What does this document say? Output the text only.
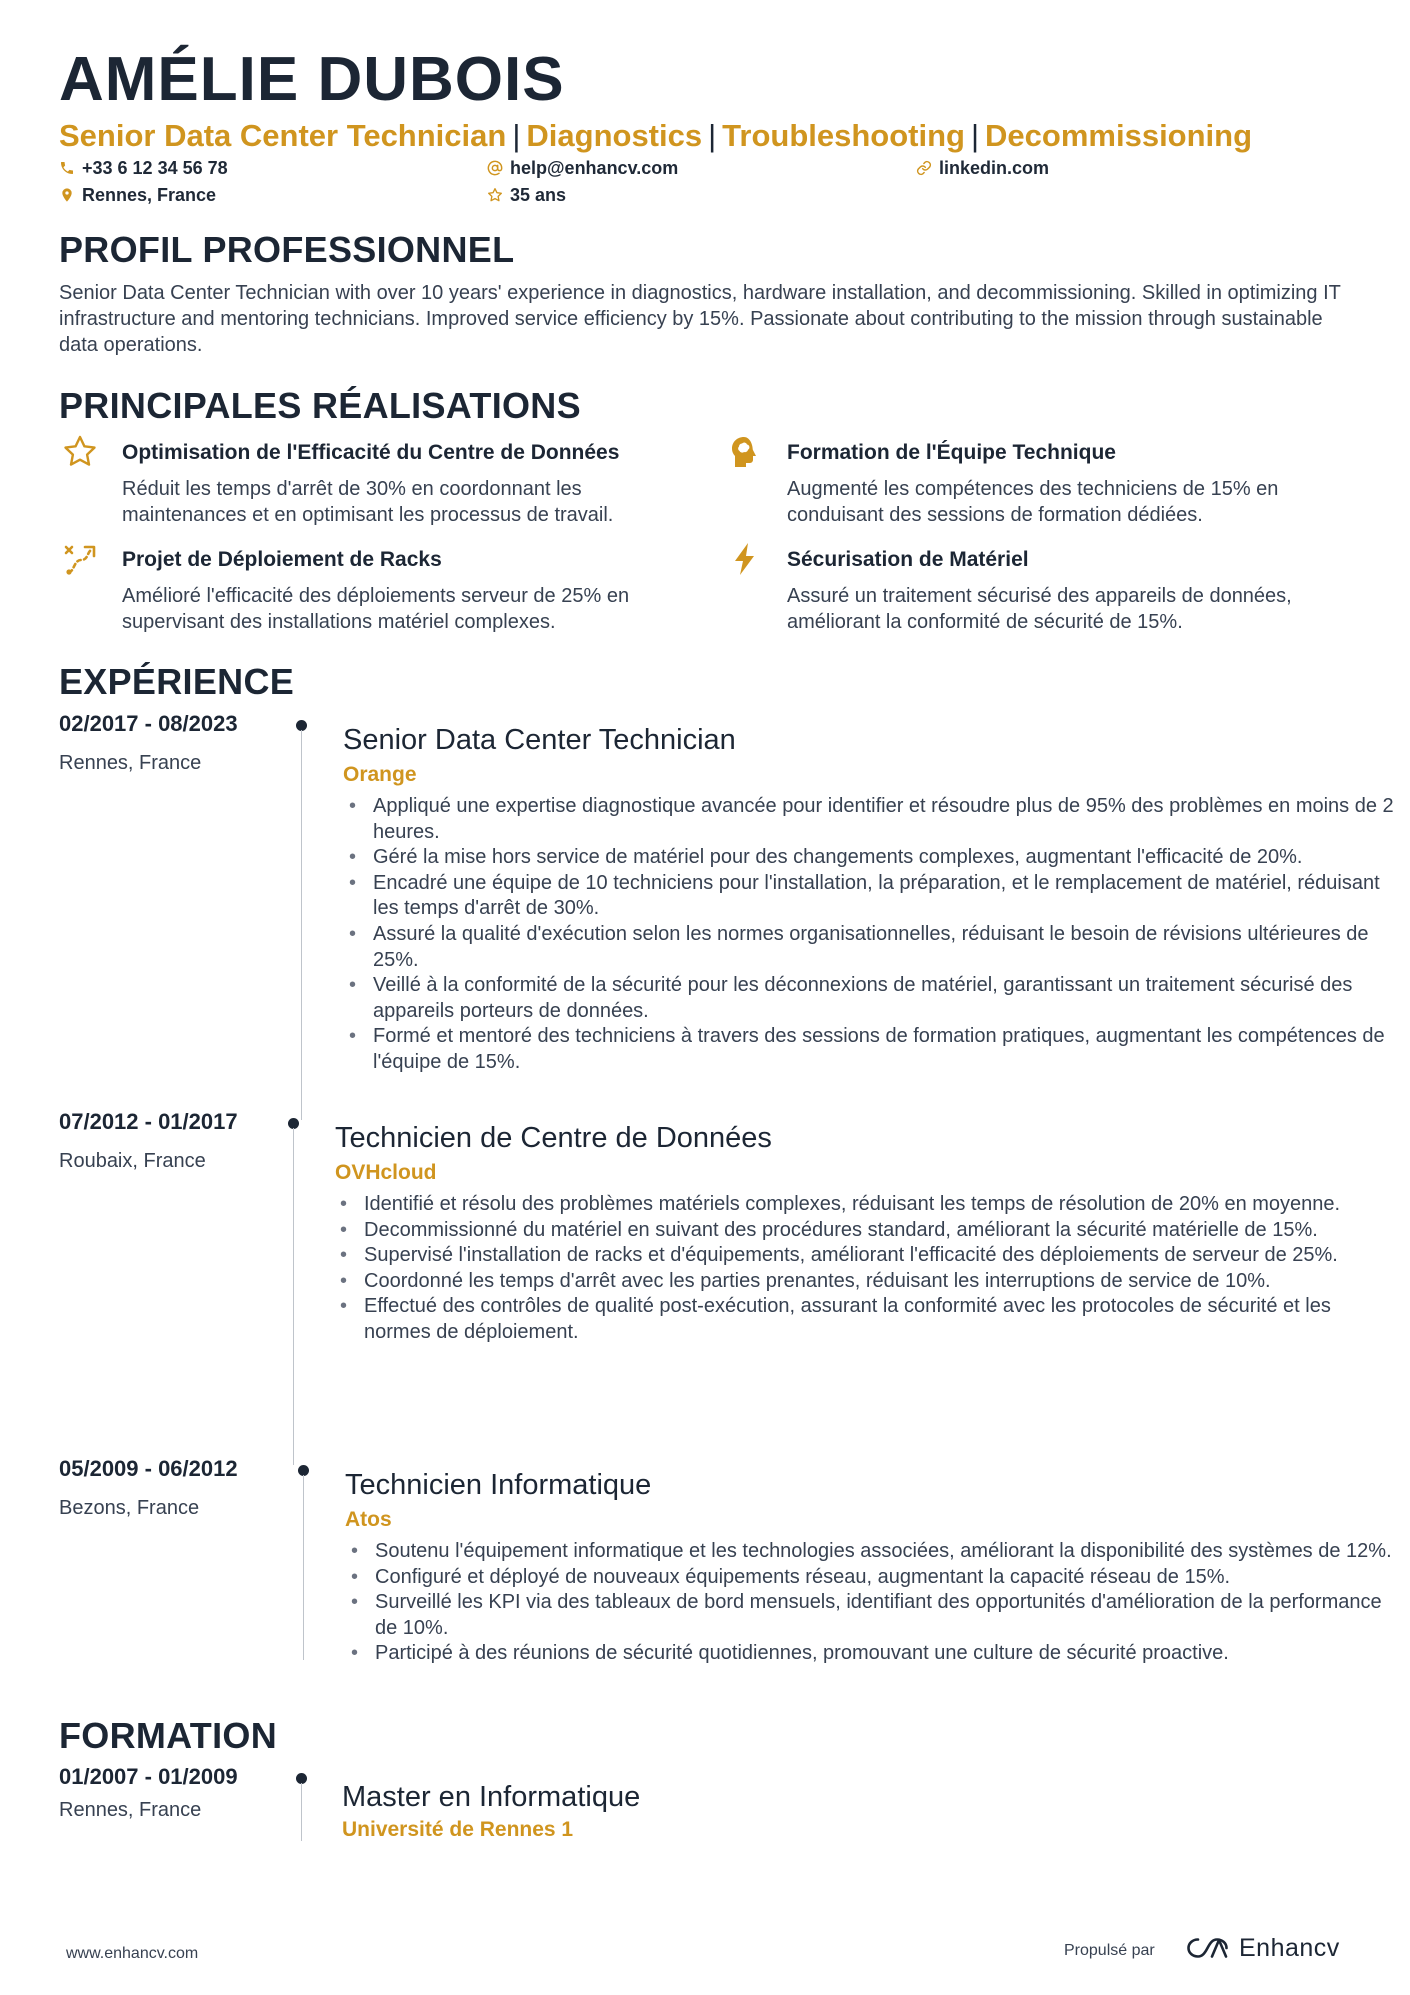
AMÉLIE DUBOIS
Senior Data Center Technician | Diagnostics | Troubleshooting | Decommissioning
+33 6 12 34 56 78	help@enhancv.com	linkedin.com
Rennes, France	35 ans
PROFIL PROFESSIONNEL
Senior Data Center Technician with over 10 years' experience in diagnostics, hardware installation, and decommissioning. Skilled in optimizing IT infrastructure and mentoring technicians. Improved service efficiency by 15%. Passionate about contributing to the mission through sustainable data operations.
PRINCIPALES RÉALISATIONS
Optimisation de l'Efficacité du Centre de Données
Réduit les temps d'arrêt de 30% en coordonnant les maintenances et en optimisant les processus de travail.
Formation de l'Équipe Technique
Augmenté les compétences des techniciens de 15% en conduisant des sessions de formation dédiées.
Projet de Déploiement de Racks
Amélioré l'efficacité des déploiements serveur de 25% en supervisant des installations matériel complexes.
Sécurisation de Matériel
Assuré un traitement sécurisé des appareils de données, améliorant la conformité de sécurité de 15%.
EXPÉRIENCE
02/2017 - 08/2023
Rennes, France
Senior Data Center Technician
Orange
• Appliqué une expertise diagnostique avancée pour identifier et résoudre plus de 95% des problèmes en moins de 2 heures.
• Géré la mise hors service de matériel pour des changements complexes, augmentant l'efficacité de 20%.
• Encadré une équipe de 10 techniciens pour l'installation, la préparation, et le remplacement de matériel, réduisant les temps d'arrêt de 30%.
• Assuré la qualité d'exécution selon les normes organisationnelles, réduisant le besoin de révisions ultérieures de 25%.
• Veillé à la conformité de la sécurité pour les déconnexions de matériel, garantissant un traitement sécurisé des appareils porteurs de données.
• Formé et mentoré des techniciens à travers des sessions de formation pratiques, augmentant les compétences de l'équipe de 15%.
07/2012 - 01/2017
Roubaix, France
Technicien de Centre de Données
OVHcloud
• Identifié et résolu des problèmes matériels complexes, réduisant les temps de résolution de 20% en moyenne.
• Decommissionné du matériel en suivant des procédures standard, améliorant la sécurité matérielle de 15%.
• Supervisé l'installation de racks et d'équipements, améliorant l'efficacité des déploiements de serveur de 25%.
• Coordonné les temps d'arrêt avec les parties prenantes, réduisant les interruptions de service de 10%.
• Effectué des contrôles de qualité post-exécution, assurant la conformité avec les protocoles de sécurité et les normes de déploiement.
05/2009 - 06/2012
Bezons, France
Technicien Informatique
Atos
• Soutenu l'équipement informatique et les technologies associées, améliorant la disponibilité des systèmes de 12%.
• Configuré et déployé de nouveaux équipements réseau, augmentant la capacité réseau de 15%.
• Surveillé les KPI via des tableaux de bord mensuels, identifiant des opportunités d'amélioration de la performance de 10%.
• Participé à des réunions de sécurité quotidiennes, promouvant une culture de sécurité proactive.
FORMATION
01/2007 - 01/2009
Rennes, France	Master en Informatique
Université de Rennes 1
www.enhancv.com	Propulsé par	Enhancv
